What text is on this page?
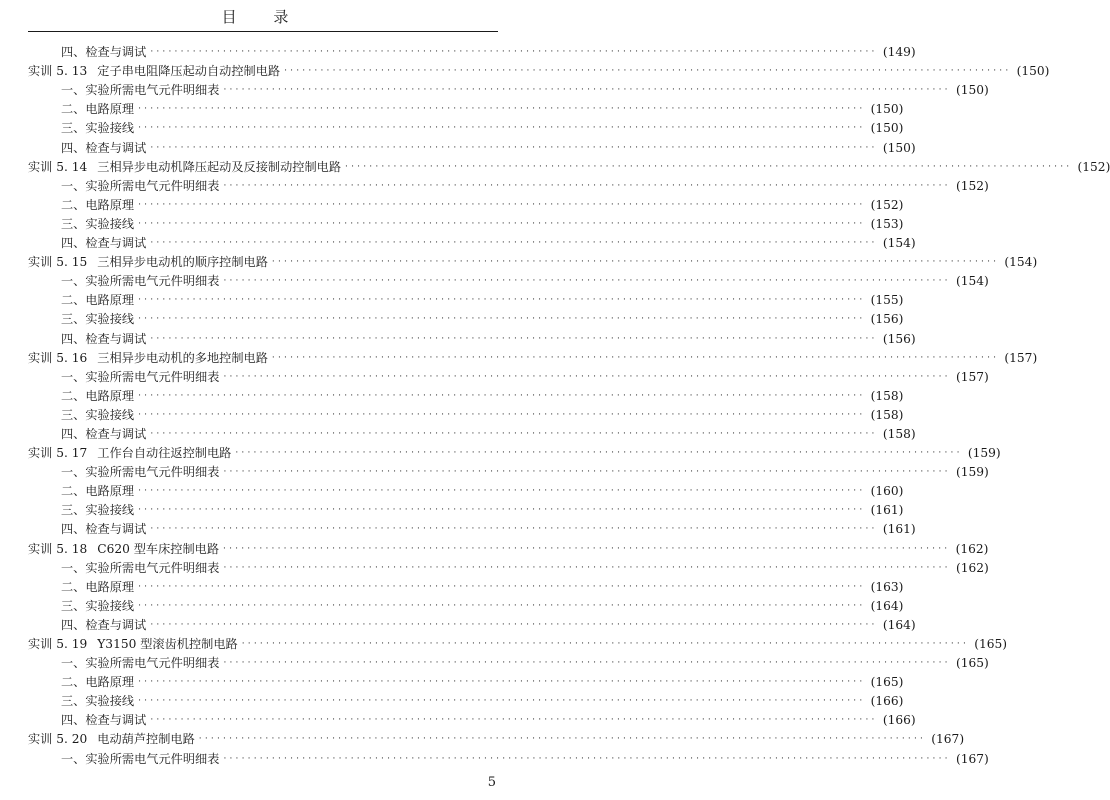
目 录
四、检查与调试 ························································································································ (149)
实训 5. 13 定子串电阻降压起动自动控制电路 ························································································································ (150)
一、实验所需电气元件明细表 ························································································································ (150)
二、电路原理 ························································································································ (150)
三、实验接线 ························································································································ (150)
四、检查与调试 ························································································································ (150)
实训 5. 14 三相异步电动机降压起动及反接制动控制电路 ························································································································ (152)
一、实验所需电气元件明细表 ························································································································ (152)
二、电路原理 ························································································································ (152)
三、实验接线 ························································································································ (153)
四、检查与调试 ························································································································ (154)
实训 5. 15 三相异步电动机的顺序控制电路 ························································································································ (154)
一、实验所需电气元件明细表 ························································································································ (154)
二、电路原理 ························································································································ (155)
三、实验接线 ························································································································ (156)
四、检查与调试 ························································································································ (156)
实训 5. 16 三相异步电动机的多地控制电路 ························································································································ (157)
一、实验所需电气元件明细表 ························································································································ (157)
二、电路原理 ························································································································ (158)
三、实验接线 ························································································································ (158)
四、检查与调试 ························································································································ (158)
实训 5. 17 工作台自动往返控制电路 ························································································································ (159)
一、实验所需电气元件明细表 ························································································································ (159)
二、电路原理 ························································································································ (160)
三、实验接线 ························································································································ (161)
四、检查与调试 ························································································································ (161)
实训 5. 18 C620 型车床控制电路 ························································································································ (162)
一、实验所需电气元件明细表 ························································································································ (162)
二、电路原理 ························································································································ (163)
三、实验接线 ························································································································ (164)
四、检查与调试 ························································································································ (164)
实训 5. 19 Y3150 型滚齿机控制电路 ························································································································ (165)
一、实验所需电气元件明细表 ························································································································ (165)
二、电路原理 ························································································································ (165)
三、实验接线 ························································································································ (166)
四、检查与调试 ························································································································ (166)
实训 5. 20 电动葫芦控制电路 ························································································································ (167)
一、实验所需电气元件明细表 ························································································································ (167)
5
